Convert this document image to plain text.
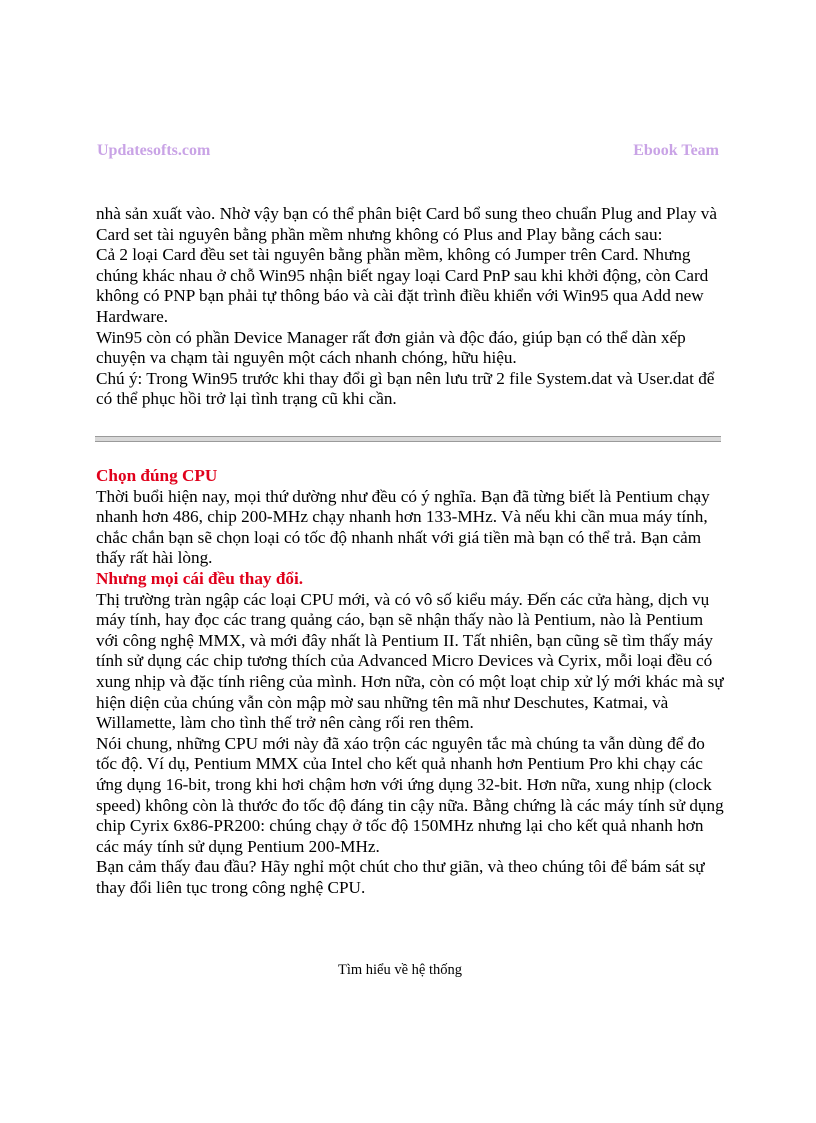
Updatesofts.com	Ebook Team

nhà sản xuất vào. Nhờ vậy bạn có thể phân biệt Card bổ sung theo chuẩn Plug and Play và Card set tài nguyên bằng phần mềm nhưng không có Plus and Play bằng cách sau:

Cả 2 loại Card đều set tài nguyên bằng phần mềm, không có Jumper trên Card. Nhưng chúng khác nhau ở chỗ Win95 nhận biết ngay loại Card PnP sau khi khởi động, còn Card không có PNP bạn phải tự thông báo và cài đặt trình điều khiển với Win95 qua Add new Hardware.

Win95 còn có phần Device Manager rất đơn giản và độc đáo, giúp bạn có thể dàn xếp chuyện va chạm tài nguyên một cách nhanh chóng, hữu hiệu.

Chú ý: Trong Win95 trước khi thay đổi gì bạn nên lưu trữ 2 file System.dat và User.dat để có thể phục hồi trở lại tình trạng cũ khi cần.

Chọn đúng CPU

Thời buổi hiện nay, mọi thứ dường như đều có ý nghĩa. Bạn đã từng biết là Pentium chạy nhanh hơn 486, chip 200-MHz chạy nhanh hơn 133-MHz. Và nếu khi cần mua máy tính, chắc chắn bạn sẽ chọn loại có tốc độ nhanh nhất với giá tiền mà bạn có thể trả. Bạn cảm thấy rất hài lòng.

Nhưng mọi cái đều thay đổi.

Thị trường tràn ngập các loại CPU mới, và có vô số kiểu máy. Đến các cửa hàng, dịch vụ máy tính, hay đọc các trang quảng cáo, bạn sẽ nhận thấy nào là Pentium, nào là Pentium với công nghệ MMX, và mới đây nhất là Pentium II. Tất nhiên, bạn cũng sẽ tìm thấy máy tính sử dụng các chip tương thích của Advanced Micro Devices và Cyrix, mỗi loại đều có xung nhịp và đặc tính riêng của mình. Hơn nữa, còn có một loạt chip xử lý mới khác mà sự hiện diện của chúng vẫn còn mập mờ sau những tên mã như Deschutes, Katmai, và Willamette, làm cho tình thế trở nên càng rối ren thêm.

Nói chung, những CPU mới này đã xáo trộn các nguyên tắc mà chúng ta vẫn dùng để đo tốc độ. Ví dụ, Pentium MMX của Intel cho kết quả nhanh hơn Pentium Pro khi chạy các ứng dụng 16-bit, trong khi hơi chậm hơn với ứng dụng 32-bit. Hơn nữa, xung nhịp (clock speed) không còn là thước đo tốc độ đáng tin cậy nữa. Bằng chứng là các máy tính sử dụng chip Cyrix 6x86-PR200: chúng chạy ở tốc độ 150MHz nhưng lại cho kết quả nhanh hơn các máy tính sử dụng Pentium 200-MHz.

Bạn cảm thấy đau đầu? Hãy nghỉ một chút cho thư giãn, và theo chúng tôi để bám sát sự thay đổi liên tục trong công nghệ CPU.

Tìm hiểu về hệ thống
